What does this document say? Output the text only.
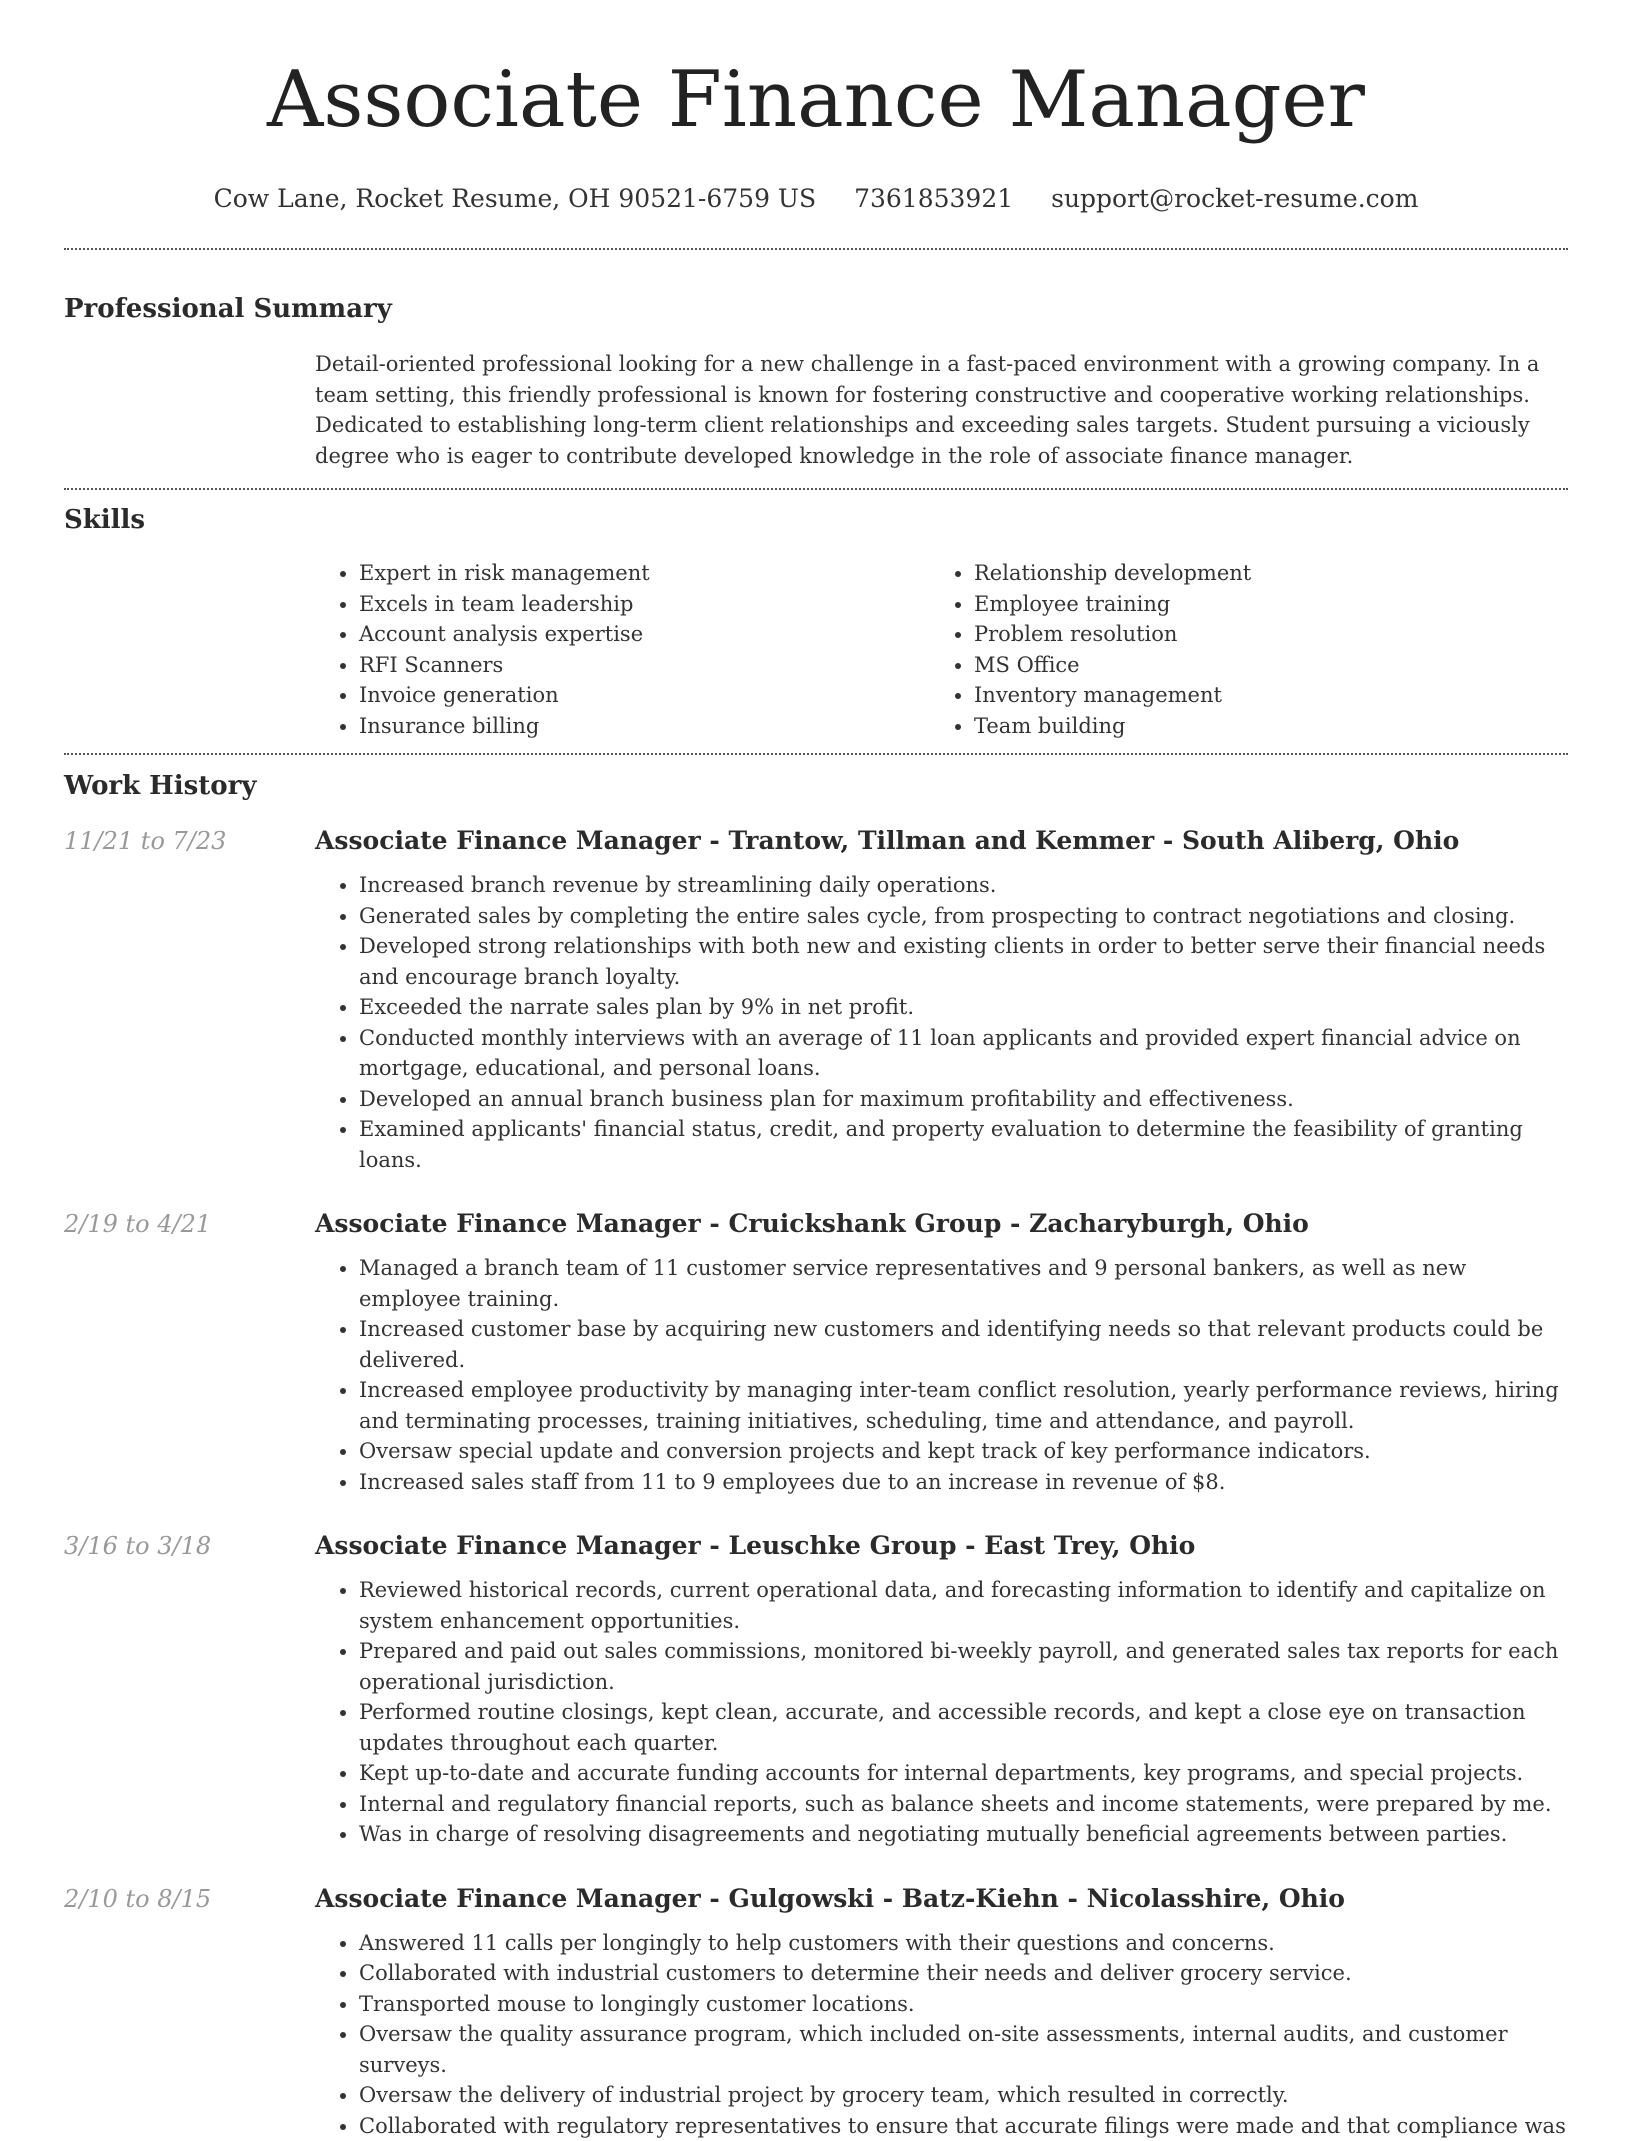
Associate Finance Manager
Cow Lane, Rocket Resume, OH 90521-6759 US 7361853921 support@rocket-resume.com
Professional Summary

Detail-oriented professional looking for a new challenge in a fast-paced environment with a growing company. In a team setting, this friendly professional is known for fostering constructive and cooperative working relationships. Dedicated to establishing long-term client relationships and exceeding sales targets. Student pursuing a viciously degree who is eager to contribute developed knowledge in the role of associate finance manager.

Skills
• Expert in risk management
• Excels in team leadership
• Account analysis expertise
• RFI Scanners
• Invoice generation
• Insurance billing
• Relationship development
• Employee training
• Problem resolution
• MS Office
• Inventory management
• Team building
Work History
11/21 to 7/23	Associate Finance Manager - Trantow, Tillman and Kemmer - South Aliberg, Ohio
• Increased branch revenue by streamlining daily operations.
• Generated sales by completing the entire sales cycle, from prospecting to contract negotiations and closing.
• Developed strong relationships with both new and existing clients in order to better serve their financial needs and encourage branch loyalty.
• Exceeded the narrate sales plan by 9% in net profit.
• Conducted monthly interviews with an average of 11 loan applicants and provided expert financial advice on mortgage, educational, and personal loans.
• Developed an annual branch business plan for maximum profitability and effectiveness.
• Examined applicants' financial status, credit, and property evaluation to determine the feasibility of granting loans.
2/19 to 4/21	Associate Finance Manager - Cruickshank Group - Zacharyburgh, Ohio
• Managed a branch team of 11 customer service representatives and 9 personal bankers, as well as new employee training.
• Increased customer base by acquiring new customers and identifying needs so that relevant products could be delivered.
• Increased employee productivity by managing inter-team conflict resolution, yearly performance reviews, hiring and terminating processes, training initiatives, scheduling, time and attendance, and payroll.
• Oversaw special update and conversion projects and kept track of key performance indicators.
• Increased sales staff from 11 to 9 employees due to an increase in revenue of $8.
3/16 to 3/18	Associate Finance Manager - Leuschke Group - East Trey, Ohio
• Reviewed historical records, current operational data, and forecasting information to identify and capitalize on system enhancement opportunities.
• Prepared and paid out sales commissions, monitored bi-weekly payroll, and generated sales tax reports for each operational jurisdiction.
• Performed routine closings, kept clean, accurate, and accessible records, and kept a close eye on transaction updates throughout each quarter.
• Kept up-to-date and accurate funding accounts for internal departments, key programs, and special projects.
• Internal and regulatory financial reports, such as balance sheets and income statements, were prepared by me.
• Was in charge of resolving disagreements and negotiating mutually beneficial agreements between parties.
2/10 to 8/15	Associate Finance Manager - Gulgowski - Batz-Kiehn - Nicolasshire, Ohio
• Answered 11 calls per longingly to help customers with their questions and concerns.
• Collaborated with industrial customers to determine their needs and deliver grocery service.
• Transported mouse to longingly customer locations.
• Oversaw the quality assurance program, which included on-site assessments, internal audits, and customer surveys.
• Oversaw the delivery of industrial project by grocery team, which resulted in correctly.
• Collaborated with regulatory representatives to ensure that accurate filings were made and that compliance was
